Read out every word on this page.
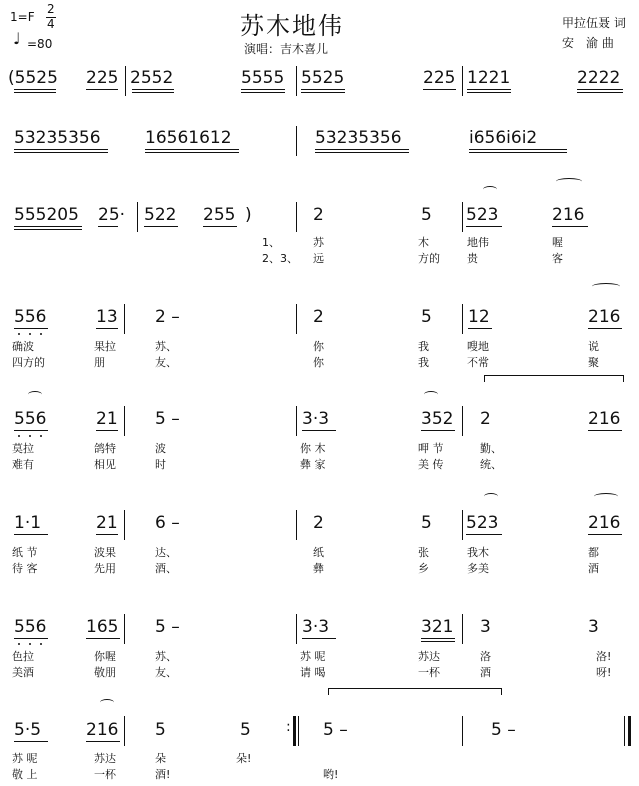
1=F
2
4
♩ =80
苏木地伟
演唱：吉木喜儿
甲拉伍聂 词
安　渝 曲
(5525 225 2552	5555 5525	225 1221	2222
53235356	16561612	53235356	i656i6i2
555205 25· 522 255 )	2	5 523	216
1、	苏	木	地伟	喔
2、3、 远	方的 贵	客
556	13 2 –	2	5 12	216
确波	果拉	苏、	你	我	嗖地	说
四方的	朋	友、	你	我	不常	聚
556	21 5 –	3·3	352 2	216
莫拉	鸽特	波	你 木	呷 节	勤、
难有	相见	时	彝 家	美 传	统、
1·1	21 6 –	2	5 523	216
纸 节	波果	达、	纸	张	我木	都
待 客	先用	酒、	彝	乡	多美	酒
556 165 5 –	3·3	321 3	3
色拉	你喔	苏、	苏 呢	苏达	洛	洛!
美酒	敬朋	友、	请 喝	一杯	酒	呀!
5·5	216 5	5	: 5 –	5 –
苏 呢	苏达	朵	朵!
敬 上	一杯	酒!	哟!
